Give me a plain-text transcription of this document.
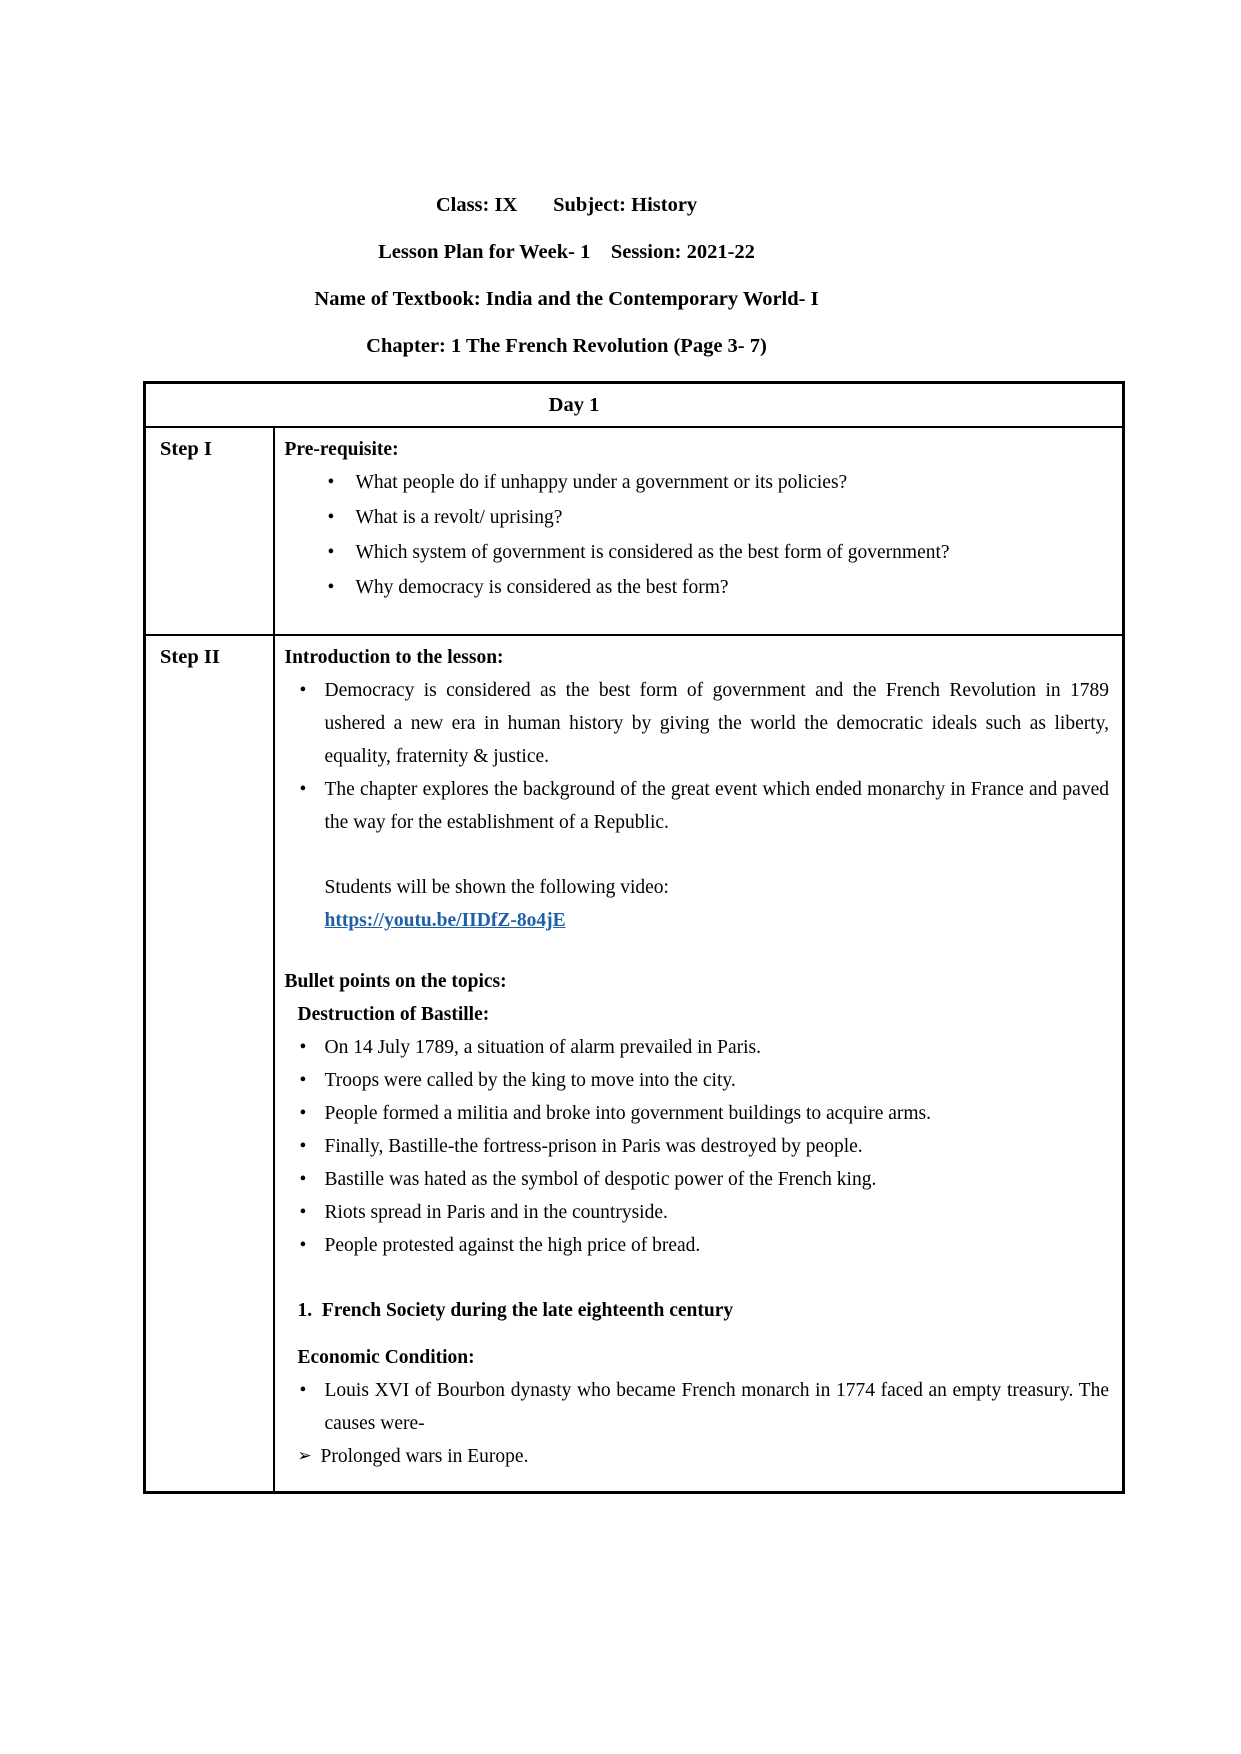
Class: IX       Subject: History
Lesson Plan for Week- 1    Session: 2021-22
Name of Textbook: India and the Contemporary World- I
Chapter: 1 The French Revolution (Page 3- 7)
Day 1	
Step I	Pre-requisite:
• What people do if unhappy under a government or its policies?
• What is a revolt/ uprising?
• Which system of government is considered as the best form of government?
• Why democracy is considered as the best form?

Step II	Introduction to the lesson:
• Democracy is considered as the best form of government and the French Revolution in 1789 ushered a new era in human history by giving the world the democratic ideals such as liberty, equality, fraternity & justice.
• The chapter explores the background of the great event which ended monarchy in France and paved the way for the establishment of a Republic.
Students will be shown the following video:
https://youtu.be/IIDfZ-8o4jE
Bullet points on the topics:
Destruction of Bastille:
• On 14 July 1789, a situation of alarm prevailed in Paris.
• Troops were called by the king to move into the city.
• People formed a militia and broke into government buildings to acquire arms.
• Finally, Bastille-the fortress-prison in Paris was destroyed by people.
• Bastille was hated as the symbol of despotic power of the French king.
• Riots spread in Paris and in the countryside.
• People protested against the high price of bread.
1.  French Society during the late eighteenth century
Economic Condition:
• Louis XVI of Bourbon dynasty who became French monarch in 1774 faced an empty treasury. The causes were-
➢ Prolonged wars in Europe.
